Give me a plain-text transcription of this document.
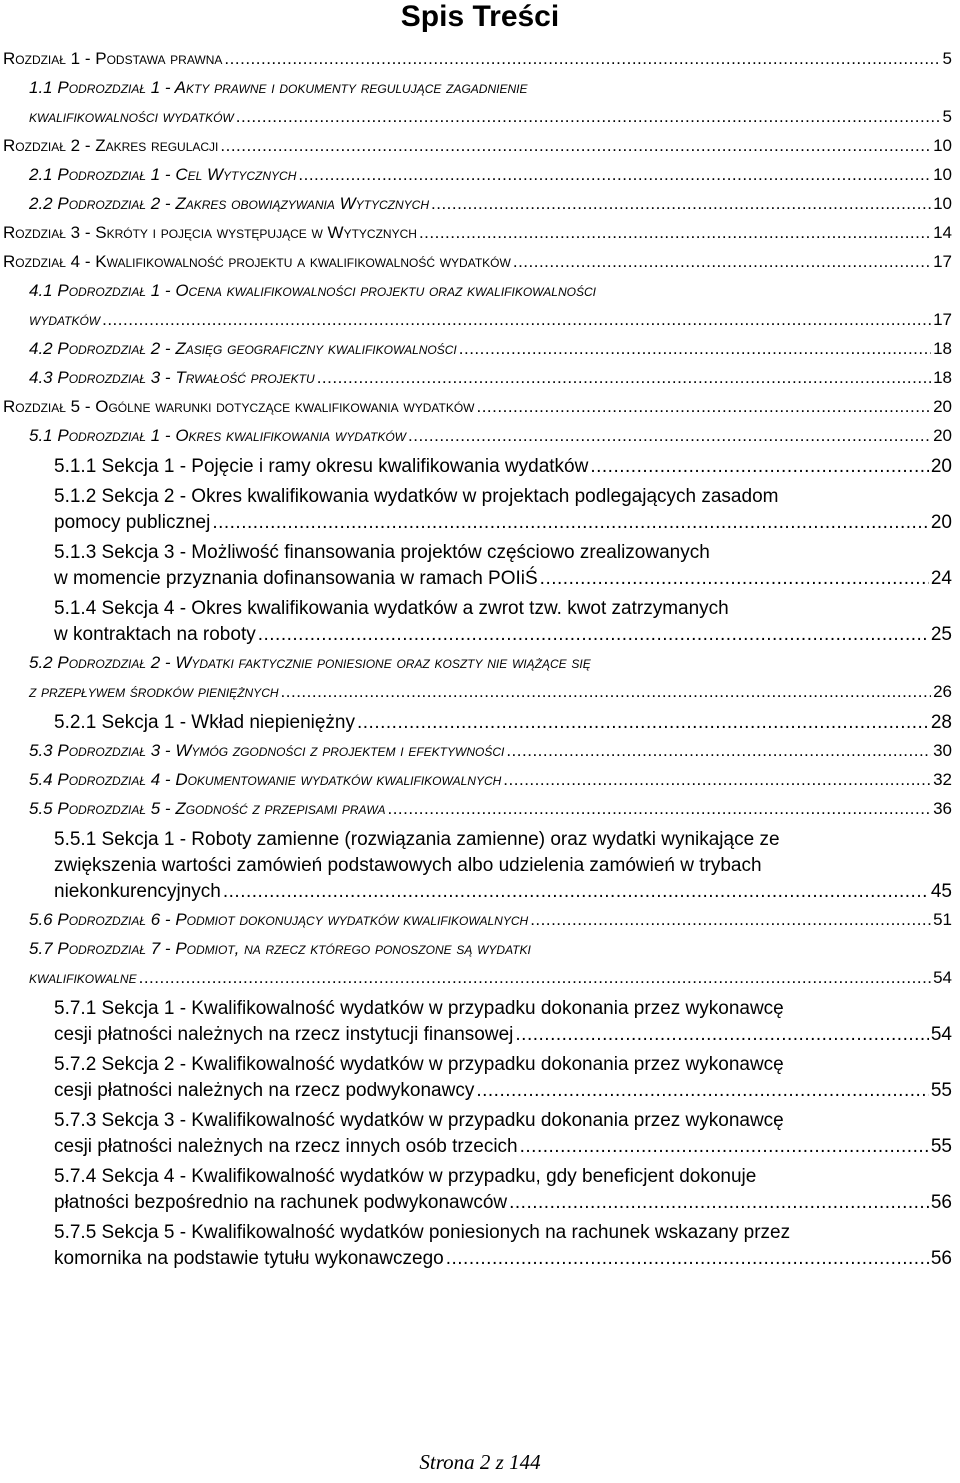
Spis Treści
Rozdział 1 - Podstawa prawna .....	5
1.1 Podrozdział 1 - Akty prawne i dokumenty regulujące zagadnienie
kwalifikowalności wydatków .....	5
Rozdział 2 - Zakres regulacji .....	10
2.1 Podrozdział 1 - Cel Wytycznych .....	10
2.2 Podrozdział 2 - Zakres obowiązywania Wytycznych .....	10
Rozdział 3 - Skróty i pojęcia występujące w Wytycznych .....	14
Rozdział 4 - Kwalifikowalność projektu a kwalifikowalność wydatków .....	17
4.1 Podrozdział 1 - Ocena kwalifikowalności projektu oraz kwalifikowalności
wydatków .....	17
4.2 Podrozdział 2 - Zasięg geograficzny kwalifikowalności .....	18
4.3 Podrozdział 3 - Trwałość projektu .....	18
Rozdział 5 - Ogólne warunki dotyczące kwalifikowania wydatków .....	20
5.1 Podrozdział 1 - Okres kwalifikowania wydatków .....	20
5.1.1 Sekcja 1 - Pojęcie i ramy okresu kwalifikowania wydatków .....	20
5.1.2 Sekcja 2 - Okres kwalifikowania wydatków w projektach podlegających zasadom
pomocy publicznej .....	20
5.1.3 Sekcja 3 - Możliwość finansowania projektów częściowo zrealizowanych
w momencie przyznania dofinansowania w ramach POIiŚ .....	24
5.1.4 Sekcja 4 - Okres kwalifikowania wydatków a zwrot tzw. kwot zatrzymanych
w kontraktach na roboty .....	25
5.2 Podrozdział 2 - Wydatki faktycznie poniesione oraz koszty nie wiążące się
z przepływem środków pieniężnych .....	26
5.2.1 Sekcja 1 - Wkład niepieniężny .....	28
5.3 Podrozdział 3 - Wymóg zgodności z projektem i efektywności .....	30
5.4 Podrozdział 4 - Dokumentowanie wydatków kwalifikowalnych .....	32
5.5 Podrozdział 5 - Zgodność z przepisami prawa .....	36
5.5.1 Sekcja 1 - Roboty zamienne (rozwiązania zamienne) oraz wydatki wynikające ze
zwiększenia wartości zamówień podstawowych albo udzielenia zamówień w trybach
niekonkurencyjnych .....	45
5.6 Podrozdział 6 - Podmiot dokonujący wydatków kwalifikowalnych .....	51
5.7 Podrozdział 7 - Podmiot, na rzecz którego ponoszone są wydatki
kwalifikowalne .....	54
5.7.1 Sekcja 1 - Kwalifikowalność wydatków w przypadku dokonania przez wykonawcę
cesji płatności należnych na rzecz instytucji finansowej .....	54
5.7.2 Sekcja 2 - Kwalifikowalność wydatków w przypadku dokonania przez wykonawcę
cesji płatności należnych na rzecz podwykonawcy .....	55
5.7.3 Sekcja 3 - Kwalifikowalność wydatków w przypadku dokonania przez wykonawcę
cesji płatności należnych na rzecz innych osób trzecich .....	55
5.7.4 Sekcja 4 - Kwalifikowalność wydatków w przypadku, gdy beneficjent dokonuje
płatności bezpośrednio na rachunek podwykonawców .....	56
5.7.5 Sekcja 5 - Kwalifikowalność wydatków poniesionych na rachunek wskazany przez
komornika na podstawie tytułu wykonawczego .....	56
Strona 2 z 144
